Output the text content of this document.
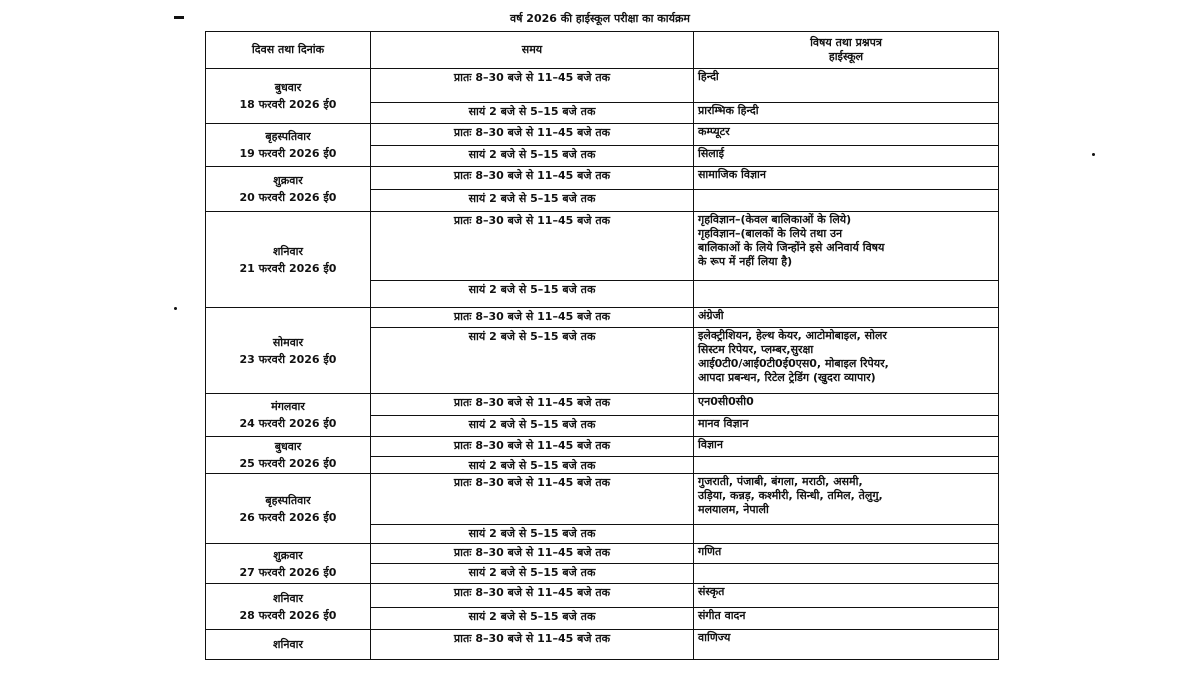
वर्ष 2026 की हाईस्कूल परीक्षा का कार्यक्रम
दिवस तथा दिनांक	समय	विषय तथा प्रश्नपत्र
हाईस्कूल

बुधवार
18 फरवरी 2026 ई0	प्रातः 8–30 बजे से 11–45 बजे तक	हिन्दी

	सायं 2 बजे से 5–15 बजे तक	प्रारम्भिक हिन्दी

बृहस्पतिवार
19 फरवरी 2026 ई0	प्रातः 8–30 बजे से 11–45 बजे तक	कम्प्यूटर

	सायं 2 बजे से 5–15 बजे तक	सिलाई

शुक्रवार
20 फरवरी 2026 ई0	प्रातः 8–30 बजे से 11–45 बजे तक	सामाजिक विज्ञान

	सायं 2 बजे से 5–15 बजे तक	

शनिवार
21 फरवरी 2026 ई0	प्रातः 8–30 बजे से 11–45 बजे तक	गृहविज्ञान–(केवल बालिकाओं के लिये)
गृहविज्ञान–(बालकों के लिये तथा उन
बालिकाओं के लिये जिन्होंने इसे अनिवार्य विषय
के रूप में नहीं लिया है)

	सायं 2 बजे से 5–15 बजे तक	

सोमवार
23 फरवरी 2026 ई0	प्रातः 8–30 बजे से 11–45 बजे तक	अंग्रेजी

	सायं 2 बजे से 5–15 बजे तक	इलेक्ट्रीशियन, हेल्थ केयर, आटोमोबाइल, सोलर
सिस्टम रिपेयर, प्लम्बर,सुरक्षा
आई0टी0/आई0टी0ई0एस0, मोबाइल रिपेयर,
आपदा प्रबन्धन, रिटेल ट्रेडिंग (खुदरा व्यापार)

मंगलवार
24 फरवरी 2026 ई0	प्रातः 8–30 बजे से 11–45 बजे तक	एन0सी0सी0

	सायं 2 बजे से 5–15 बजे तक	मानव विज्ञान

बुधवार
25 फरवरी 2026 ई0	प्रातः 8–30 बजे से 11–45 बजे तक	विज्ञान

	सायं 2 बजे से 5–15 बजे तक	

बृहस्पतिवार
26 फरवरी 2026 ई0	प्रातः 8–30 बजे से 11–45 बजे तक	गुजराती, पंजाबी, बंगला, मराठी, असमी,
उड़िया, कन्नड़, कश्मीरी, सिन्धी, तमिल, तेलुगु,
मलयालम, नेपाली

	सायं 2 बजे से 5–15 बजे तक	

शुक्रवार
27 फरवरी 2026 ई0	प्रातः 8–30 बजे से 11–45 बजे तक	गणित

	सायं 2 बजे से 5–15 बजे तक	

शनिवार
28 फरवरी 2026 ई0	प्रातः 8–30 बजे से 11–45 बजे तक	संस्कृत

	सायं 2 बजे से 5–15 बजे तक	संगीत वादन

शनिवार	प्रातः 8–30 बजे से 11–45 बजे तक	वाणिज्य
